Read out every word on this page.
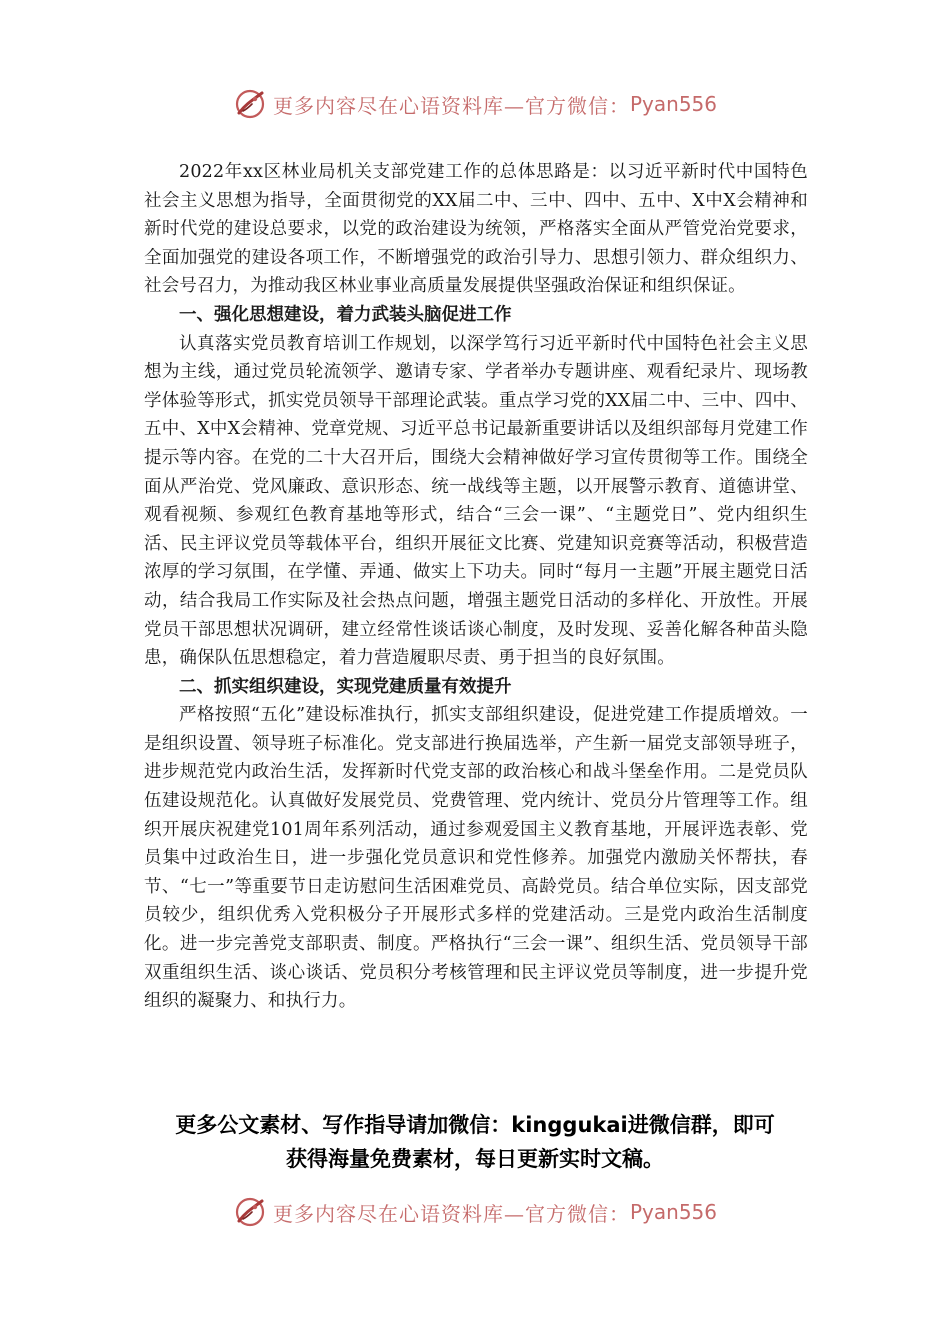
更多内容尽在心语资料库—官方微信： Pyan556

2022年xx区林业局机关支部党建工作的总体思路是：以习近平新时代中国特色社会主义思想为指导，全面贯彻党的XX届二中、三中、四中、五中、X中X会精神和新时代党的建设总要求，以党的政治建设为统领，严格落实全面从严管党治党要求，全面加强党的建设各项工作，不断增强党的政治引导力、思想引领力、群众组织力、社会号召力，为推动我区林业事业高质量发展提供坚强政治保证和组织保证。

一、强化思想建设，着力武装头脑促进工作

认真落实党员教育培训工作规划，以深学笃行习近平新时代中国特色社会主义思想为主线，通过党员轮流领学、邀请专家、学者举办专题讲座、观看纪录片、现场教学体验等形式，抓实党员领导干部理论武装。重点学习党的XX届二中、三中、四中、五中、X中X会精神、党章党规、习近平总书记最新重要讲话以及组织部每月党建工作提示等内容。在党的二十大召开后，围绕大会精神做好学习宣传贯彻等工作。围绕全面从严治党、党风廉政、意识形态、统一战线等主题，以开展警示教育、道德讲堂、观看视频、参观红色教育基地等形式，结合“三会一课”、“主题党日”、党内组织生活、民主评议党员等载体平台，组织开展征文比赛、党建知识竞赛等活动，积极营造浓厚的学习氛围，在学懂、弄通、做实上下功夫。同时“每月一主题”开展主题党日活动，结合我局工作实际及社会热点问题，增强主题党日活动的多样化、开放性。开展党员干部思想状况调研，建立经常性谈话谈心制度，及时发现、妥善化解各种苗头隐患，确保队伍思想稳定，着力营造履职尽责、勇于担当的良好氛围。

二、抓实组织建设，实现党建质量有效提升

严格按照“五化”建设标准执行，抓实支部组织建设，促进党建工作提质增效。一是组织设置、领导班子标准化。党支部进行换届选举，产生新一届党支部领导班子，进步规范党内政治生活，发挥新时代党支部的政治核心和战斗堡垒作用。二是党员队伍建设规范化。认真做好发展党员、党费管理、党内统计、党员分片管理等工作。组织开展庆祝建党101周年系列活动，通过参观爱国主义教育基地，开展评选表彰、党员集中过政治生日，进一步强化党员意识和党性修养。加强党内激励关怀帮扶，春节、“七一”等重要节日走访慰问生活困难党员、高龄党员。结合单位实际，因支部党员较少，组织优秀入党积极分子开展形式多样的党建活动。三是党内政治生活制度化。进一步完善党支部职责、制度。严格执行“三会一课”、组织生活、党员领导干部双重组织生活、谈心谈话、党员积分考核管理和民主评议党员等制度，进一步提升党组织的凝聚力、和执行力。

更多公文素材、写作指导请加微信：kinggukai进微信群，即可
获得海量免费素材，每日更新实时文稿。
更多内容尽在心语资料库—官方微信： Pyan556
